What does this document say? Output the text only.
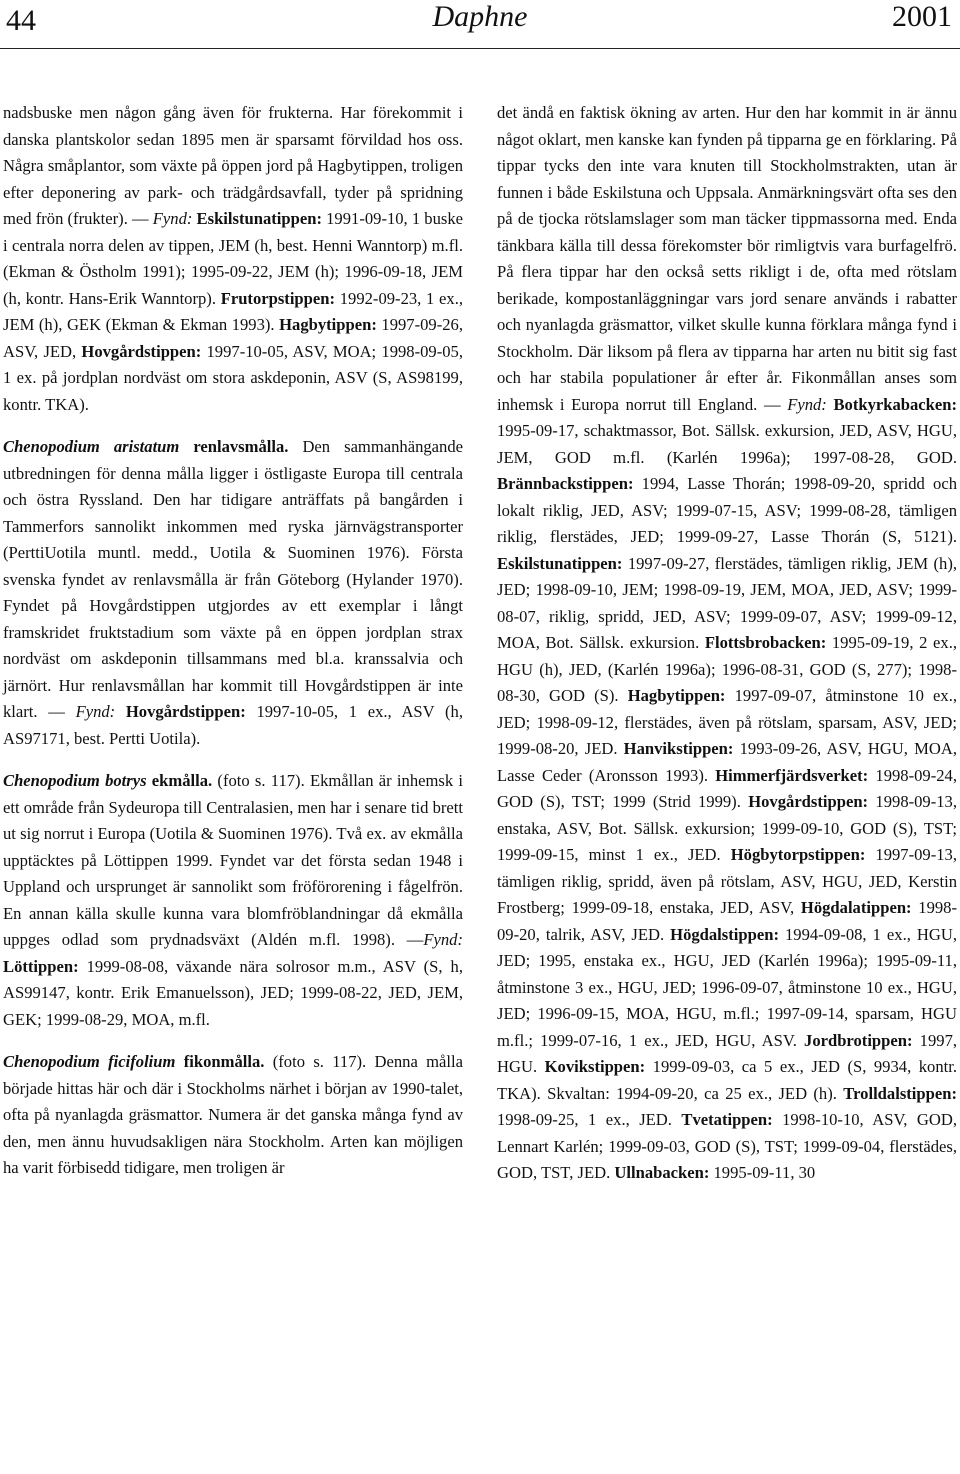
44	Daphne	2001

nadsbuske men någon gång även för frukterna. Har förekommit i danska plantskolor sedan 1895 men är sparsamt förvildad hos oss. Några småplantor, som växte på öppen jord på Hagbytippen, troligen efter deponering av park- och trädgårdsavfall, tyder på spridning med frön (frukter). — Fynd: Eskilstunatippen: 1991-09-10, 1 buske i centrala norra delen av tippen, JEM (h, best. Henni Wanntorp) m.fl. (Ekman & Östholm 1991); 1995-09-22, JEM (h); 1996-09-18, JEM (h, kontr. Hans-Erik Wanntorp). Frutorpstippen: 1992-09-23, 1 ex., JEM (h), GEK (Ekman & Ekman 1993). Hagbytippen: 1997-09-26, ASV, JED, Hovgårdstippen: 1997-10-05, ASV, MOA; 1998-09-05, 1 ex. på jordplan nordväst om stora askdeponin, ASV (S, AS98199, kontr. TKA).

Chenopodium aristatum renlavsmålla. Den sammanhängande utbredningen för denna målla ligger i östligaste Europa till centrala och östra Ryssland. Den har tidigare anträffats på bangården i Tammerfors sannolikt inkommen med ryska järnvägstransporter (PerttiUotila muntl. medd., Uotila & Suominen 1976). Första svenska fyndet av renlavsmålla är från Göteborg (Hylander 1970). Fyndet på Hovgårdstippen utgjordes av ett exemplar i långt framskridet fruktstadium som växte på en öppen jordplan strax nordväst om askdeponin tillsammans med bl.a. kranssalvia och järnört. Hur renlavsmållan har kommit till Hovgårdstippen är inte klart. — Fynd: Hovgårdstippen: 1997-10-05, 1 ex., ASV (h, AS97171, best. Pertti Uotila).

Chenopodium botrys ekmålla. (foto s. 117). Ekmållan är inhemsk i ett område från Sydeuropa till Centralasien, men har i senare tid brett ut sig norrut i Europa (Uotila & Suominen 1976). Två ex. av ekmålla upptäcktes på Löttippen 1999. Fyndet var det första sedan 1948 i Uppland och ursprunget är sannolikt som fröförorening i fågelfrön. En annan källa skulle kunna vara blomfröblandningar då ekmålla uppges odlad som prydnadsväxt (Aldén m.fl. 1998). —Fynd: Löttippen: 1999-08-08, växande nära solrosor m.m., ASV (S, h, AS99147, kontr. Erik Emanuelsson), JED; 1999-08-22, JED, JEM, GEK; 1999-08-29, MOA, m.fl.

Chenopodium ficifolium fikonmålla. (foto s. 117). Denna målla började hittas här och där i Stockholms närhet i början av 1990-talet, ofta på nyanlagda gräsmattor. Numera är det ganska många fynd av den, men ännu huvudsakligen nära Stockholm. Arten kan möjligen ha varit förbisedd tidigare, men troligen är

det ändå en faktisk ökning av arten. Hur den har kommit in är ännu något oklart, men kanske kan fynden på tipparna ge en förklaring. På tippar tycks den inte vara knuten till Stockholmstrakten, utan är funnen i både Eskilstuna och Uppsala. Anmärkningsvärt ofta ses den på de tjocka rötslamslager som man täcker tippmassorna med. Enda tänkbara källa till dessa förekomster bör rimligtvis vara burfagelfrö. På flera tippar har den också setts rikligt i de, ofta med rötslam berikade, kompostanläggningar vars jord senare används i rabatter och nyanlagda gräsmattor, vilket skulle kunna förklara många fynd i Stockholm. Där liksom på flera av tipparna har arten nu bitit sig fast och har stabila populationer år efter år. Fikonmållan anses som inhemsk i Europa norrut till England. — Fynd: Botkyrkabacken: 1995-09-17, schaktmassor, Bot. Sällsk. exkursion, JED, ASV, HGU, JEM, GOD m.fl. (Karlén 1996a); 1997-08-28, GOD. Brännbackstippen: 1994, Lasse Thorán; 1998-09-20, spridd och lokalt riklig, JED, ASV; 1999-07-15, ASV; 1999-08-28, tämligen riklig, flerstädes, JED; 1999-09-27, Lasse Thorán (S, 5121). Eskilstunatippen: 1997-09-27, flerstädes, tämligen riklig, JEM (h), JED; 1998-09-10, JEM; 1998-09-19, JEM, MOA, JED, ASV; 1999-08-07, riklig, spridd, JED, ASV; 1999-09-07, ASV; 1999-09-12, MOA, Bot. Sällsk. exkursion. Flottsbrobacken: 1995-09-19, 2 ex., HGU (h), JED, (Karlén 1996a); 1996-08-31, GOD (S, 277); 1998-08-30, GOD (S). Hagbytippen: 1997-09-07, åtminstone 10 ex., JED; 1998-09-12, flerstädes, även på rötslam, sparsam, ASV, JED; 1999-08-20, JED. Hanvikstippen: 1993-09-26, ASV, HGU, MOA, Lasse Ceder (Aronsson 1993). Himmerfjärdsverket: 1998-09-24, GOD (S), TST; 1999 (Strid 1999). Hovgårdstippen: 1998-09-13, enstaka, ASV, Bot. Sällsk. exkursion; 1999-09-10, GOD (S), TST; 1999-09-15, minst 1 ex., JED. Högbytorpstippen: 1997-09-13, tämligen riklig, spridd, även på rötslam, ASV, HGU, JED, Kerstin Frostberg; 1999-09-18, enstaka, JED, ASV, Högdalatippen: 1998-09-20, talrik, ASV, JED. Högdalstippen: 1994-09-08, 1 ex., HGU, JED; 1995, enstaka ex., HGU, JED (Karlén 1996a); 1995-09-11, åtminstone 3 ex., HGU, JED; 1996-09-07, åtminstone 10 ex., HGU, JED; 1996-09-15, MOA, HGU, m.fl.; 1997-09-14, sparsam, HGU m.fl.; 1999-07-16, 1 ex., JED, HGU, ASV. Jordbrotippen: 1997, HGU. Kovikstippen: 1999-09-03, ca 5 ex., JED (S, 9934, kontr. TKA). Skvaltan: 1994-09-20, ca 25 ex., JED (h). Trolldalstippen: 1998-09-25, 1 ex., JED. Tvetatippen: 1998-10-10, ASV, GOD, Lennart Karlén; 1999-09-03, GOD (S), TST; 1999-09-04, flerstädes, GOD, TST, JED. Ullnabacken: 1995-09-11, 30
